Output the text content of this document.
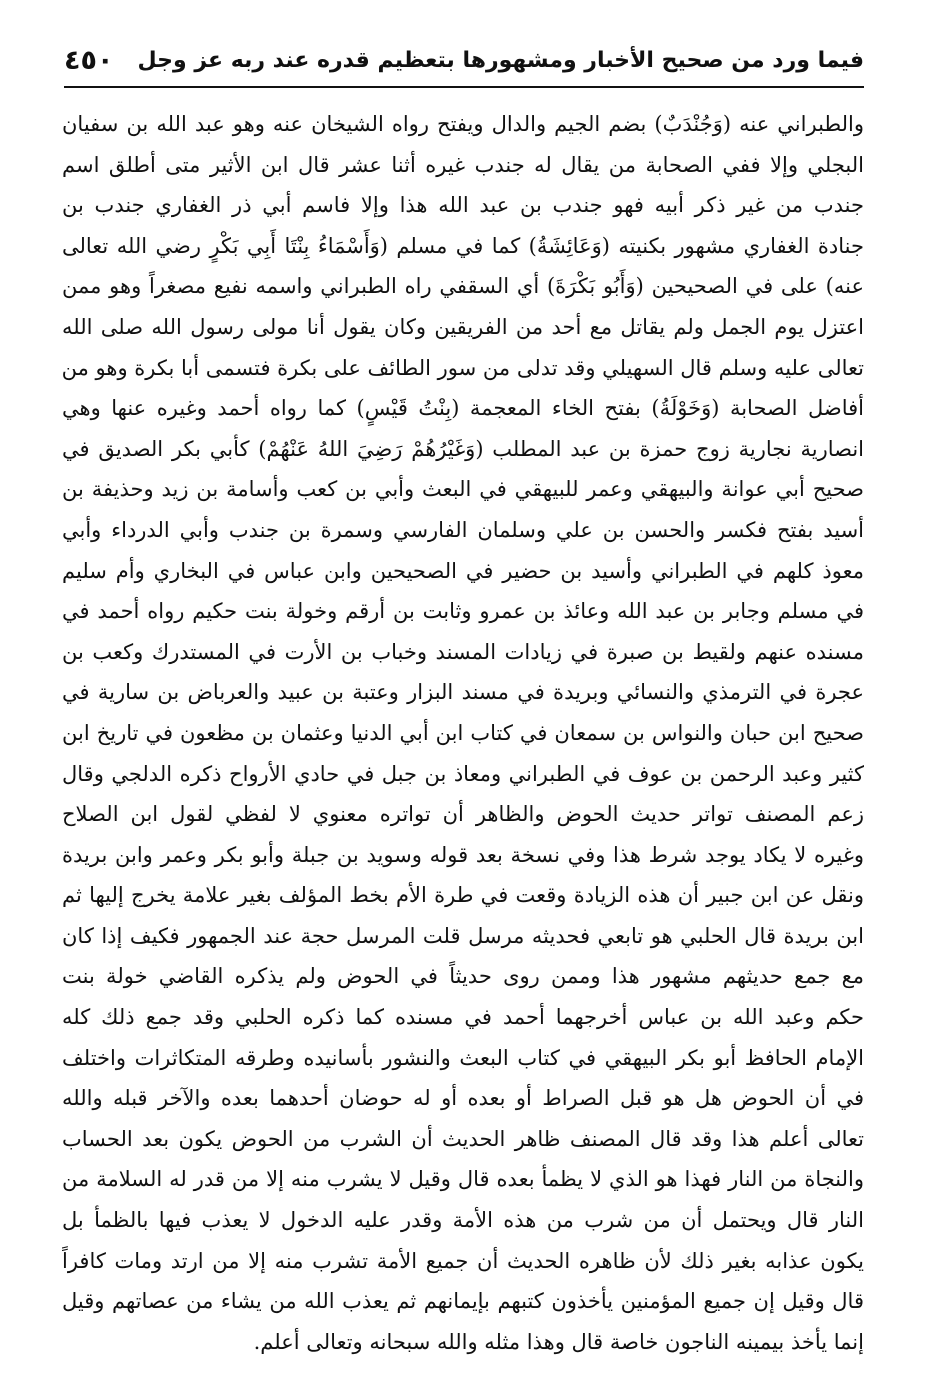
فيما ورد من صحيح الأخبار ومشهورها بتعظيم قدره عند ربه عز وجل
٤٥٠
والطبراني عنه (وَجُنْدَبٌ) بضم الجيم والدال ويفتح رواه الشيخان عنه وهو عبد الله بن سفيان
البجلي وإلا ففي الصحابة من يقال له جندب غيره أثنا عشر قال ابن الأثير متى أطلق اسم
جندب من غير ذكر أبيه فهو جندب بن عبد الله هذا وإلا فاسم أبي ذر الغفاري جندب بن
جنادة الغفاري مشهور بكنيته (وَعَائِشَةُ) كما في مسلم (وَأَسْمَاءُ بِنْتَا أَبِي بَكْرٍ رضي الله تعالى
عنه) على في الصحيحين (وَأَبُو بَكْرَةَ) أي السقفي راه الطبراني واسمه نفيع مصغراً وهو ممن
اعتزل يوم الجمل ولم يقاتل مع أحد من الفريقين وكان يقول أنا مولى رسول الله صلى الله
تعالى عليه وسلم قال السهيلي وقد تدلى من سور الطائف على بكرة فتسمى أبا بكرة وهو من
أفاضل الصحابة (وَخَوْلَةُ) بفتح الخاء المعجمة (بِنْتُ قَيْسٍ) كما رواه أحمد وغيره عنها وهي
انصارية نجارية زوج حمزة بن عبد المطلب (وَغَيْرُهُمْ رَضِيَ اللهُ عَنْهُمْ) كأبي بكر الصديق في
صحيح أبي عوانة والبيهقي وعمر للبيهقي في البعث وأبي بن كعب وأسامة بن زيد وحذيفة بن
أسيد بفتح فكسر والحسن بن علي وسلمان الفارسي وسمرة بن جندب وأبي الدرداء وأبي
معوذ كلهم في الطبراني وأسيد بن حضير في الصحيحين وابن عباس في البخاري وأم سليم
في مسلم وجابر بن عبد الله وعائذ بن عمرو وثابت بن أرقم وخولة بنت حكيم رواه أحمد في
مسنده عنهم ولقيط بن صبرة في زيادات المسند وخباب بن الأرت في المستدرك وكعب بن
عجرة في الترمذي والنسائي وبريدة في مسند البزار وعتبة بن عبيد والعرباض بن سارية في
صحيح ابن حبان والنواس بن سمعان في كتاب ابن أبي الدنيا وعثمان بن مظعون في تاريخ ابن
كثير وعبد الرحمن بن عوف في الطبراني ومعاذ بن جبل في حادي الأرواح ذكره الدلجي وقال
زعم المصنف تواتر حديث الحوض والظاهر أن تواتره معنوي لا لفظي لقول ابن الصلاح
وغيره لا يكاد يوجد شرط هذا وفي نسخة بعد قوله وسويد بن جبلة وأبو بكر وعمر وابن بريدة
ونقل عن ابن جبير أن هذه الزيادة وقعت في طرة الأم بخط المؤلف بغير علامة يخرج إليها ثم
ابن بريدة قال الحلبي هو تابعي فحديثه مرسل قلت المرسل حجة عند الجمهور فكيف إذا كان
مع جمع حديثهم مشهور هذا وممن روى حديثاً في الحوض ولم يذكره القاضي خولة بنت
حكم وعبد الله بن عباس أخرجهما أحمد في مسنده كما ذكره الحلبي وقد جمع ذلك كله
الإمام الحافظ أبو بكر البيهقي في كتاب البعث والنشور بأسانيده وطرقه المتكاثرات واختلف
في أن الحوض هل هو قبل الصراط أو بعده أو له حوضان أحدهما بعده والآخر قبله والله
تعالى أعلم هذا وقد قال المصنف ظاهر الحديث أن الشرب من الحوض يكون بعد الحساب
والنجاة من النار فهذا هو الذي لا يظمأ بعده قال وقيل لا يشرب منه إلا من قدر له السلامة من
النار قال ويحتمل أن من شرب من هذه الأمة وقدر عليه الدخول لا يعذب فيها بالظمأ بل
يكون عذابه بغير ذلك لأن ظاهره الحديث أن جميع الأمة تشرب منه إلا من ارتد ومات كافراً
قال وقيل إن جميع المؤمنين يأخذون كتبهم بإيمانهم ثم يعذب الله من يشاء من عصاتهم وقيل
إنما يأخذ بيمينه الناجون خاصة قال وهذا مثله والله سبحانه وتعالى أعلم.
